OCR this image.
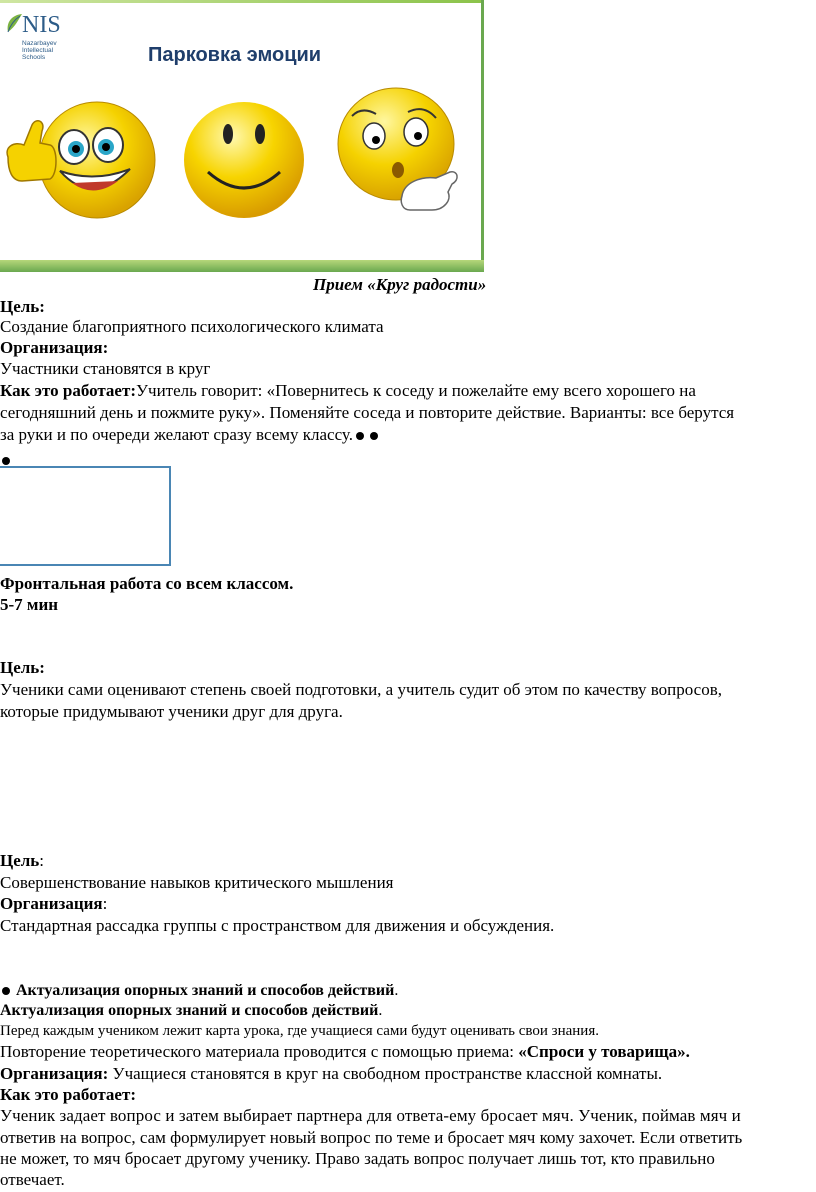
NIS
Nazarbayev
Intellectual
Schools	Парковка эмоции
Прием «Круг радости»
Цель:
Создание благоприятного психологического климата
Организация:
Участники становятся в круг
Как это работает:Учитель говорит: «Повернитесь к соседу и пожелайте ему всего хорошего на
сегодняшний день и пожмите руку». Поменяйте соседа и повторите действие. Варианты: все берутся
за руки и по очереди желают сразу всему классу.
Фронтальная работа со всем классом.
5-7 мин
Цель:
Ученики сами оценивают степень своей подготовки, а учитель судит об этом по качеству вопросов,
которые придумывают ученики друг для друга.
Цель:
Совершенствование навыков критического мышления
Организация:
Стандартная рассадка группы с пространством для движения и обсуждения.
Актуализация опорных знаний и способов действий.
Актуализация опорных знаний и способов действий.
Перед каждым учеником лежит карта урока, где учащиеся сами будут оценивать свои знания.
Повторение теоретического материала проводится с помощью приема: «Спроси у товарища».
Организация: Учащиеся становятся в круг на свободном пространстве классной комнаты.
Как это работает:
Ученик задает вопрос и затем выбирает партнера для ответа-ему бросает мяч. Ученик, поймав мяч и
ответив на вопрос, сам формулирует новый вопрос по теме и бросает мяч кому захочет. Если ответить
не может, то мяч бросает другому ученику. Право задать вопрос получает лишь тот, кто правильно
отвечает.
